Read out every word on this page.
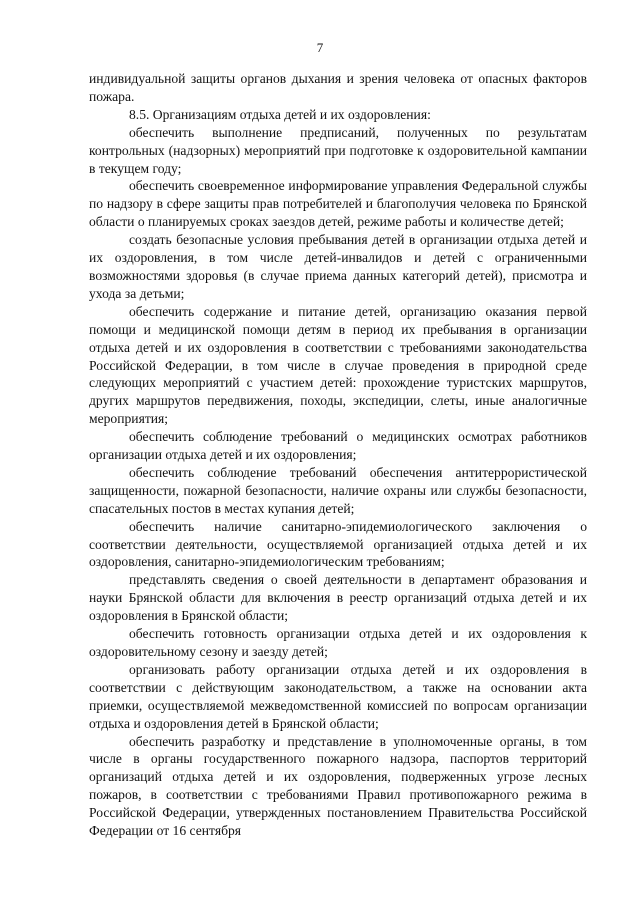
7

индивидуальной защиты органов дыхания и зрения человека от опасных факторов пожара.

8.5. Организациям отдыха детей и их оздоровления:

обеспечить выполнение предписаний, полученных по результатам контрольных (надзорных) мероприятий при подготовке к оздоровительной кампании в текущем году;

обеспечить своевременное информирование управления Федеральной службы по надзору в сфере защиты прав потребителей и благополучия человека по Брянской области о планируемых сроках заездов детей, режиме работы и количестве детей;

создать безопасные условия пребывания детей в организации отдыха детей и их оздоровления, в том числе детей-инвалидов и детей с ограниченными возможностями здоровья (в случае приема данных категорий детей), присмотра и ухода за детьми;

обеспечить содержание и питание детей, организацию оказания первой помощи и медицинской помощи детям в период их пребывания в организации отдыха детей и их оздоровления в соответствии с требованиями законодательства Российской Федерации, в том числе в случае проведения в природной среде следующих мероприятий с участием детей: прохождение туристских маршрутов, других маршрутов передвижения, походы, экспедиции, слеты, иные аналогичные мероприятия;

обеспечить соблюдение требований о медицинских осмотрах работников организации отдыха детей и их оздоровления;

обеспечить соблюдение требований обеспечения антитеррористической защищенности, пожарной безопасности, наличие охраны или службы безопасности, спасательных постов в местах купания детей;

обеспечить наличие санитарно-эпидемиологического заключения о соответствии деятельности, осуществляемой организацией отдыха детей и их оздоровления, санитарно-эпидемиологическим требованиям;

представлять сведения о своей деятельности в департамент образования и науки Брянской области для включения в реестр организаций отдыха детей и их оздоровления в Брянской области;

обеспечить готовность организации отдыха детей и их оздоровления к оздоровительному сезону и заезду детей;

организовать работу организации отдыха детей и их оздоровления в соответствии с действующим законодательством, а также на основании акта приемки, осуществляемой межведомственной комиссией по вопросам организации отдыха и оздоровления детей в Брянской области;

обеспечить разработку и представление в уполномоченные органы, в том числе в органы государственного пожарного надзора, паспортов территорий организаций отдыха детей и их оздоровления, подверженных угрозе лесных пожаров, в соответствии с требованиями Правил противопожарного режима в Российской Федерации, утвержденных постановлением Правительства Российской Федерации от 16 сентября
